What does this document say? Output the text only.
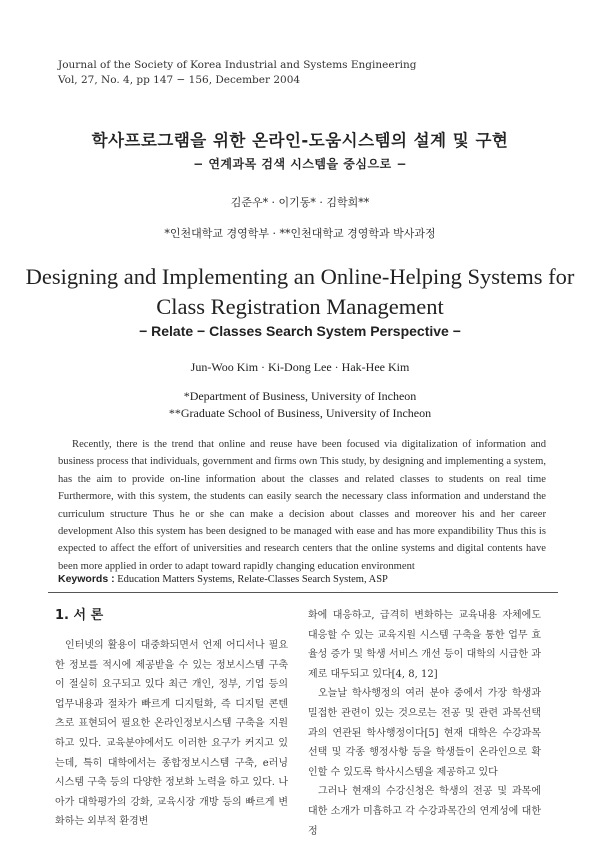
Journal of the Society of Korea Industrial and Systems Engineering
Vol, 27, No. 4, pp 147 − 156, December 2004
학사프로그램을 위한 온라인-도움시스템의 설계 및 구현
− 연계과목 검색 시스템을 중심으로 −
김준우* · 이기동* · 김학희**
*인천대학교 경영학부 · **인천대학교 경영학과 박사과정
Designing and Implementing an Online-Helping Systems for
Class Registration Management
− Relate − Classes Search System Perspective −
Jun-Woo Kim · Ki-Dong Lee · Hak-Hee Kim
*Department of Business, University of Incheon
**Graduate School of Business, University of Incheon

Recently, there is the trend that online and reuse have been focused via digitalization of information and business process that individuals, government and firms own This study, by designing and implementing a system, has the aim to provide on-line information about the classes and related classes to students on real time Furthermore, with this system, the students can easily search the necessary class information and understand the curriculum structure Thus he or she can make a decision about classes and moreover his and her career development Also this system has been designed to be managed with ease and has more expandibility Thus this is expected to affect the effort of universities and research centers that the online systems and digital contents have been more applied in order to adapt toward rapidly changing education environment

Keywords : Education Matters Systems, Relate-Classes Search System, ASP
1. 서 론

인터넷의 활용이 대중화되면서 언제 어디서나 필요한 정보를 적시에 제공받을 수 있는 정보시스템 구축이 절실히 요구되고 있다 최근 개인, 정부, 기업 등의 업무내용과 절차가 빠르게 디지털화, 즉 디지털 콘텐츠로 표현되어 필요한 온라인정보시스템 구축을 지원하고 있다. 교육분야에서도 이러한 요구가 커지고 있는데, 특히 대학에서는 종합정보시스템 구축, e러닝 시스템 구축 등의 다양한 정보화 노력을 하고 있다. 나아가 대학평가의 강화, 교육시장 개방 등의 빠르게 변화하는 외부적 환경변

화에 대응하고, 급격히 변화하는 교육내용 자체에도 대응할 수 있는 교육지원 시스템 구축을 통한 업무 효율성 증가 및 학생 서비스 개선 등이 대학의 시급한 과제로 대두되고 있다[4, 8, 12]

오늘날 학사행정의 여러 분야 중에서 가장 학생과 밀접한 관련이 있는 것으로는 전공 및 관련 과목선택과의 연관된 학사행정이다[5] 현재 대학은 수강과목 선택 및 각종 행정사항 등을 학생들이 온라인으로 확인할 수 있도록 학사시스템을 제공하고 있다

그러나 현재의 수강신청은 학생의 전공 및 과목에 대한 소개가 미흡하고 각 수강과목간의 연계성에 대한 정
